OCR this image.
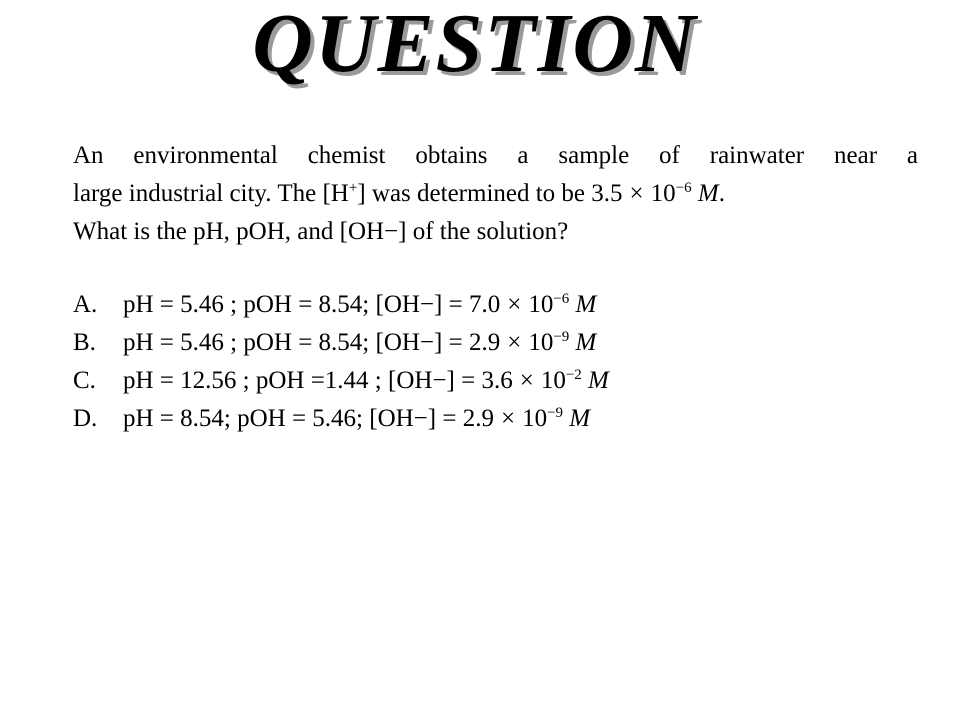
QUESTION
An environmental chemist obtains a sample of rainwater near a
large industrial city. The [H+] was determined to be $3.5 \times 10^{-6}$ M.
What is the pH, pOH, and [OH−] of the solution?
A. pH = 5.46 ; pOH = 8.54; $[OH-] = 7.0 \times 10^{-6}$ M
B. pH = 5.46 ; pOH = 8.54; $[OH-] = 2.9 \times 10^{-9}$ M
C. pH = 12.56 ; pOH =1.44 ; $[OH-] = 3.6 \times 10^{-2}$ M
D. pH = 8.54; pOH = 5.46; $[OH-] = 2.9 \times 10^{-9}$ M
